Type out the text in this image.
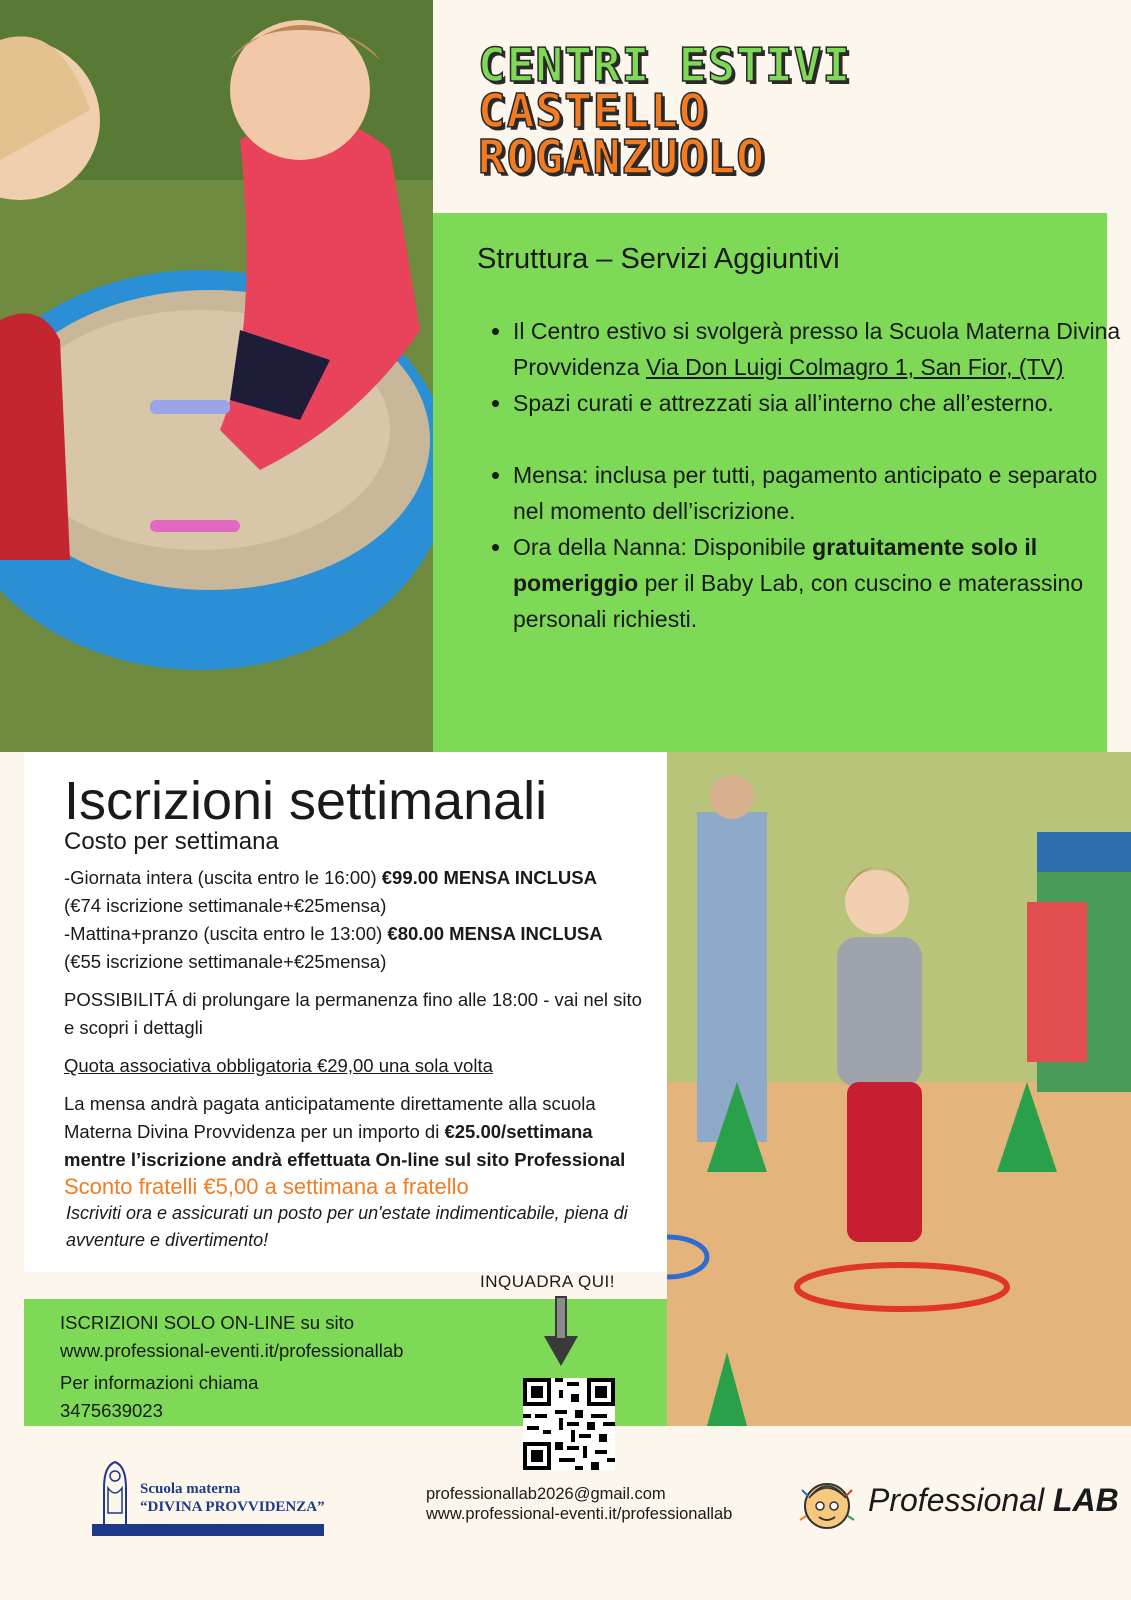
CENTRI ESTIVI
CASTELLO
ROGANZUOLO
Struttura – Servizi Aggiuntivi
• Il Centro estivo si svolgerà presso la Scuola Materna Divina Provvidenza Via Don Luigi Colmagro 1, San Fior, (TV)
• Spazi curati e attrezzati sia all’interno che all’esterno.
• Mensa: inclusa per tutti, pagamento anticipato e separato nel momento dell’iscrizione.
• Ora della Nanna: Disponibile gratuitamente solo il pomeriggio per il Baby Lab, con cuscino e materassino personali richiesti.
Iscrizioni settimanali
Costo per settimana

-Giornata intera (uscita entro le 16:00) €99.00 MENSA INCLUSA
(€74 iscrizione settimanale+€25mensa)
-Mattina+pranzo (uscita entro le 13:00) €80.00 MENSA INCLUSA
(€55 iscrizione settimanale+€25mensa)

POSSIBILITÁ di prolungare la permanenza fino alle 18:00 - vai nel sito e scopri i dettagli

Quota associativa obbligatoria €29,00 una sola volta

La mensa andrà pagata anticipatamente direttamente alla scuola Materna Divina Provvidenza per un importo di €25.00/settimana mentre l’iscrizione andrà effettuata On-line sul sito Professional

Sconto fratelli €5,00 a settimana a fratello
Iscriviti ora e assicurati un posto per un'estate indimenticabile, piena di avventure e divertimento!
INQUADRA QUI!

ISCRIZIONI SOLO ON-LINE su sito
www.professional-eventi.it/professionallab

Per informazioni chiama
3475639023

Scuola materna
“DIVINA PROVVIDENZA”
professionallab2026@gmail.com
www.professional-eventi.it/professionallab	Professional LAB
